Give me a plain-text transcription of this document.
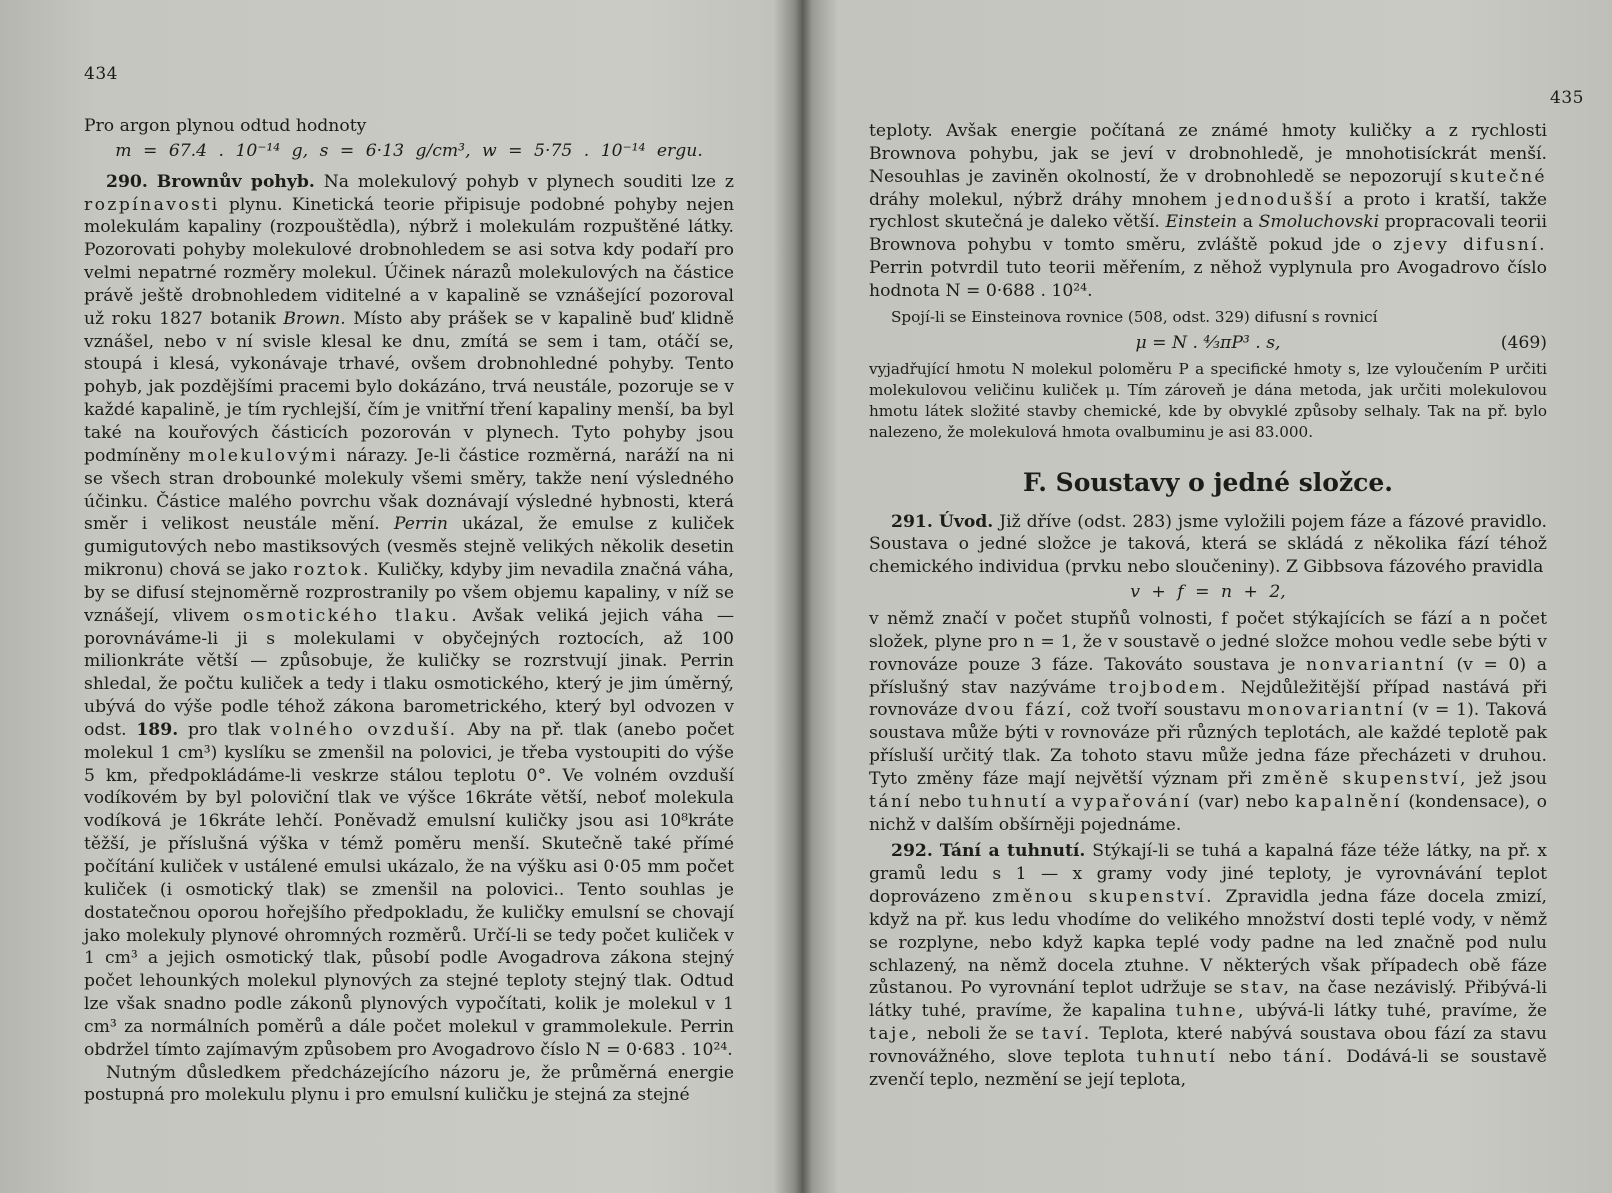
434

Pro argon plynou odtud hodnoty

m = 67.4 . 10⁻¹⁴ g, s = 6·13 g/cm³, w = 5·75 . 10⁻¹⁴ ergu.

290. Brownův pohyb. Na molekulový pohyb v plynech souditi lze z rozpínavosti plynu. Kinetická teorie připisuje podobné pohyby nejen molekulám kapaliny (rozpouštědla), nýbrž i molekulám rozpuštěné látky. Pozorovati pohyby molekulové drobnohledem se asi sotva kdy podaří pro velmi nepatrné rozměry molekul. Účinek nárazů molekulových na částice právě ještě drobnohledem viditelné a v kapalině se vznášející pozoroval už roku 1827 botanik Brown. Místo aby prášek se v kapalině buď klidně vznášel, nebo v ní svisle klesal ke dnu, zmítá se sem i tam, otáčí se, stoupá i klesá, vykonávaje trhavé, ovšem drobnohledné pohyby. Tento pohyb, jak pozdějšími pracemi bylo dokázáno, trvá neustále, pozoruje se v každé kapalině, je tím rychlejší, čím je vnitřní tření kapaliny menší, ba byl také na kouřových částicích pozorován v plynech. Tyto pohyby jsou podmíněny molekulovými nárazy. Je-li částice rozměrná, naráží na ni se všech stran drobounké molekuly všemi směry, takže není výsledného účinku. Částice malého povrchu však doznávají výsledné hybnosti, která směr i velikost neustále mění. Perrin ukázal, že emulse z kuliček gumigutových nebo mastiksových (vesměs stejně velikých několik desetin mikronu) chová se jako roztok. Kuličky, kdyby jim nevadila značná váha, by se difusí stejnoměrně rozprostranily po všem objemu kapaliny, v níž se vznášejí, vlivem osmotického tlaku. Avšak veliká jejich váha — porovnáváme-li ji s molekulami v obyčejných roztocích, až 100 milionkráte větší — způsobuje, že kuličky se rozrstvují jinak. Perrin shledal, že počtu kuliček a tedy i tlaku osmotického, který je jim úměrný, ubývá do výše podle téhož zákona barometrického, který byl odvozen v odst. 189. pro tlak volného ovzduší. Aby na př. tlak (anebo počet molekul 1 cm³) kyslíku se zmenšil na polovici, je třeba vystoupiti do výše 5 km, předpokládáme-li veskrze stálou teplotu 0°. Ve volném ovzduší vodíkovém by byl poloviční tlak ve výšce 16kráte větší, neboť molekula vodíková je 16kráte lehčí. Poněvadž emulsní kuličky jsou asi 10⁸kráte těžší, je příslušná výška v témž poměru menší. Skutečně také přímé počítání kuliček v ustálené emulsi ukázalo, že na výšku asi 0·05 mm počet kuliček (i osmotický tlak) se zmenšil na polovici.. Tento souhlas je dostatečnou oporou hořejšího předpokladu, že kuličky emulsní se chovají jako molekuly plynové ohromných rozměrů. Určí-li se tedy počet kuliček v 1 cm³ a jejich osmotický tlak, působí podle Avogadrova zákona stejný počet lehounkých molekul plynových za stejné teploty stejný tlak. Odtud lze však snadno podle zákonů plynových vypočítati, kolik je molekul v 1 cm³ za normálních poměrů a dále počet molekul v grammolekule. Perrin obdržel tímto zajímavým způsobem pro Avogadrovo číslo N = 0·683 . 10²⁴.

Nutným důsledkem předcházejícího názoru je, že průměrná energie postupná pro molekulu plynu i pro emulsní kuličku je stejná za stejné

435

teploty. Avšak energie počítaná ze známé hmoty kuličky a z rychlosti Brownova pohybu, jak se jeví v drobnohledě, je mnohotisíckrát menší. Nesouhlas je zaviněn okolností, že v drobnohledě se nepozorují skutečné dráhy molekul, nýbrž dráhy mnohem jednodušší a proto i kratší, takže rychlost skutečná je daleko větší. Einstein a Smoluchovski propracovali teorii Brownova pohybu v tomto směru, zvláště pokud jde o zjevy difusní. Perrin potvrdil tuto teorii měřením, z něhož vyplynula pro Avogadrovo číslo hodnota N = 0·688 . 10²⁴.

Spojí-li se Einsteinova rovnice (508, odst. 329) difusní s rovnicí

μ = N . ⁴⁄₃πP³ . s,	(469)

vyjadřující hmotu N molekul poloměru P a specifické hmoty s, lze vyloučením P určiti molekulovou veličinu kuliček μ. Tím zároveň je dána metoda, jak určiti molekulovou hmotu látek složité stavby chemické, kde by obvyklé způsoby selhaly. Tak na př. bylo nalezeno, že molekulová hmota ovalbuminu je asi 83.000.

F. Soustavy o jedné složce.

291. Úvod. Již dříve (odst. 283) jsme vyložili pojem fáze a fázové pravidlo. Soustava o jedné složce je taková, která se skládá z několika fází téhož chemického individua (prvku nebo sloučeniny). Z Gibbsova fázového pravidla

v + f = n + 2,

v němž značí v počet stupňů volnosti, f počet stýkajících se fází a n počet složek, plyne pro n = 1, že v soustavě o jedné složce mohou vedle sebe býti v rovnováze pouze 3 fáze. Takováto soustava je nonvariantní (v = 0) a příslušný stav nazýváme trojbodem. Nejdůležitější případ nastává při rovnováze dvou fází, což tvoří soustavu monovariantní (v = 1). Taková soustava může býti v rovnováze při různých teplotách, ale každé teplotě pak přísluší určitý tlak. Za tohoto stavu může jedna fáze přecházeti v druhou. Tyto změny fáze mají největší význam při změně skupenství, jež jsou tání nebo tuhnutí a vypařování (var) nebo kapalnění (kondensace), o nichž v dalším obšírněji pojednáme.

292. Tání a tuhnutí. Stýkají-li se tuhá a kapalná fáze téže látky, na př. x gramů ledu s 1 — x gramy vody jiné teploty, je vyrovnávání teplot doprovázeno změnou skupenství. Zpravidla jedna fáze docela zmizí, když na př. kus ledu vhodíme do velikého množství dosti teplé vody, v němž se rozplyne, nebo když kapka teplé vody padne na led značně pod nulu schlazený, na němž docela ztuhne. V některých však případech obě fáze zůstanou. Po vyrovnání teplot udržuje se stav, na čase nezávislý. Přibývá-li látky tuhé, pravíme, že kapalina tuhne, ubývá-li látky tuhé, pravíme, že taje, neboli že se taví. Teplota, které nabývá soustava obou fází za stavu rovnovážného, slove teplota tuhnutí nebo tání. Dodává-li se soustavě zvenčí teplo, nezmění se její teplota,
